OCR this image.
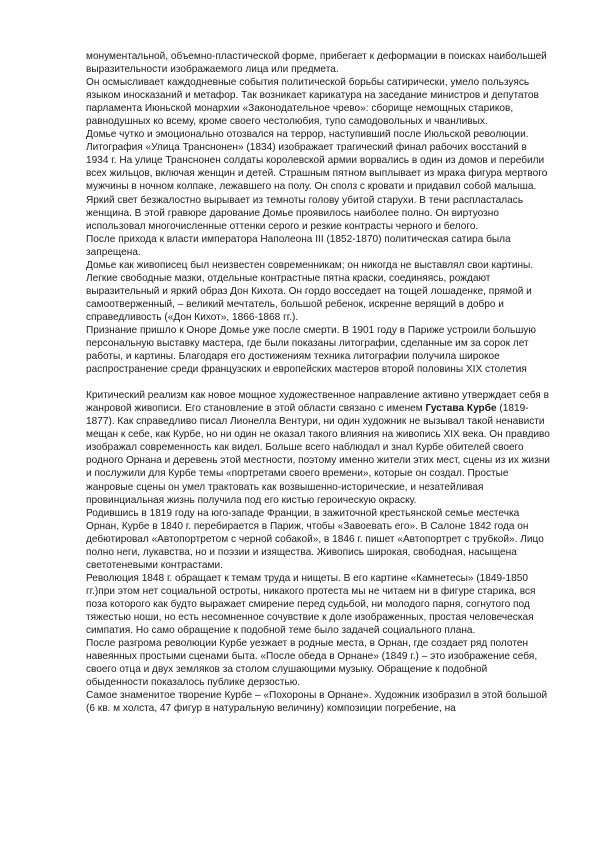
монументальной, объемно-пластической форме, прибегает к деформации в поисках наибольшей выразительности изображаемого лица или предмета.

Он осмысливает каждодневные события политической борьбы сатирически, умело пользуясь языком иносказаний и метафор. Так возникает карикатура на заседание министров и депутатов парламента Июньской монархии «Законодательное чрево»: сборище немощных стариков, равнодушных ко всему, кроме своего честолюбия, тупо самодовольных и чванливых.

Домье чутко и эмоционально отозвался на террор, наступивший после Июльской революции. Литография «Улица Транснонен» (1834) изображает трагический финал рабочих восстаний в 1934 г. На улице Транснонен солдаты королевской армии ворвались в один из домов и перебили всех жильцов, включая женщин и детей. Страшным пятном выплывает из мрака фигура мертвого мужчины в ночном колпаке, лежавшего на полу. Он сполз с кровати и придавил собой малыша. Яркий свет безжалостно вырывает из темноты голову убитой старухи. В тени распласталась женщина. В этой гравюре дарование Домье проявилось наиболее полно. Он виртуозно использовал многочисленные оттенки серого и резкие контрасты черного и белого.

После прихода к власти императора Наполеона III (1852-1870) политическая сатира была запрещена.

Домье как живописец был неизвестен современникам; он никогда не выставлял свои картины. Легкие свободные мазки, отдельные контрастные пятна краски, соединяясь, рождают выразительный и яркий образ Дон Кихота. Он гордо восседает на тощей лошаденке, прямой и самоотверженный, – великий мечтатель, большой ребенок, искренне верящий в добро и справедливость («Дон Кихот», 1866-1868 гг.).

Признание пришло к Оноре Домье уже после смерти. В 1901 году в Париже устроили большую персональную выставку мастера, где были показаны литографии, сделанные им за сорок лет работы, и картины. Благодаря его достижениям техника литографии получила широкое распространение среди французских и европейских мастеров второй половины XIX столетия

Критический реализм как новое мощное художественное направление активно утверждает себя в жанровой живописи. Его становление в этой области связано с именем Густава Курбе (1819-1877). Как справедливо писал Лионелла Вентури, ни один художник не вызывал такой ненависти мещан к себе, как Курбе, но ни один не оказал такого влияния на живопись XIX века. Он правдиво изображал современность как видел. Больше всего наблюдал и знал Курбе обителей своего родного Орнана и деревень этой местности, поэтому именно жители этих мест, сцены из их жизни и послужили для Курбе темы «портретами своего времени», которые он создал. Простые жанровые сцены он умел трактовать как возвышенно-исторические, и незатейливая провинциальная жизнь получила под его кистью героическую окраску.

Родившись в 1819 году на юго-западе Франции, в зажиточной крестьянской семье местечка Орнан, Курбе в 1840 г. перебирается в Париж, чтобы «Завоевать его». В Салоне 1842 года он дебютировал «Автопортретом с черной собакой», в 1846 г. пишет «Автопортрет с трубкой». Лицо полно неги, лукавства, но и поэзии и изящества. Живопись широкая, свободная, насыщена светотеневыми контрастами.

Революция 1848 г. обращает к темам труда и нищеты. В его картине «Камнетесы» (1849-1850 гг.)при этом нет социальной остроты, никакого протеста мы не читаем ни в фигуре старика, вся поза которого как будто выражает смирение перед судьбой, ни молодого парня, согнутого под тяжестью ноши, но есть несомненное сочувствие к доле изображенных, простая человеческая симпатия. Но само обращение к подобной теме было задачей социального плана.

После разгрома революции Курбе уезжает в родные места, в Орнан, где создает ряд полотен навеянных простыми сценами быта. «После обеда в Орнане» (1849 г.) – это изображение себя, своего отца и двух земляков за столом слушающими музыку. Обращение к подобной обыденности показалось публике дерзостью.

Самое знаменитое творение Курбе – «Похороны в Орнане». Художник изобразил в этой большой (6 кв. м холста, 47 фигур в натуральную величину) композиции погребение, на
